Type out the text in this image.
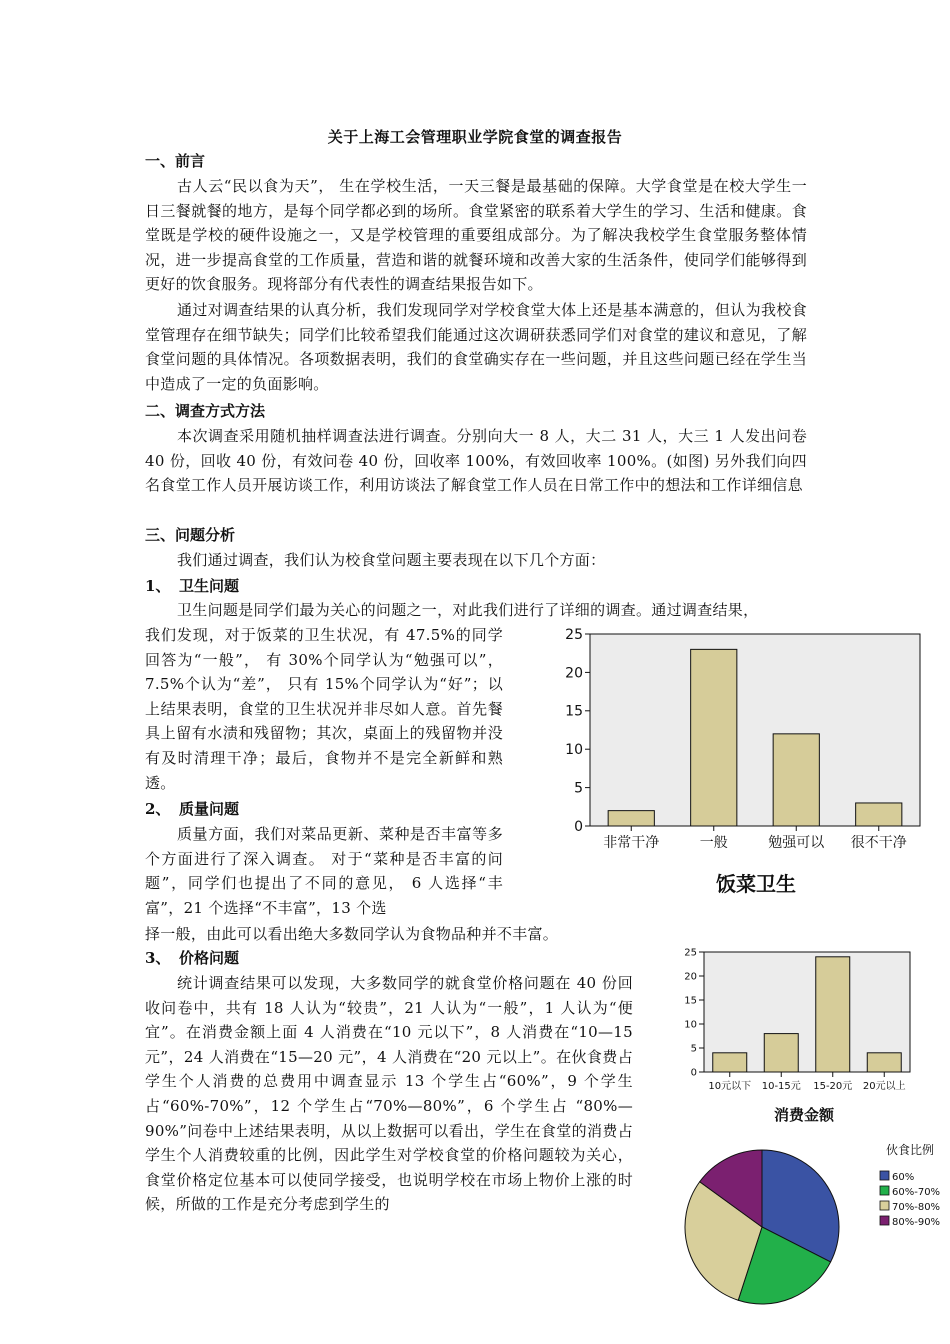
关于上海工会管理职业学院食堂的调查报告
一、前言

古人云“民以食为天”， 生在学校生活，一天三餐是最基础的保障。大学食堂是在校大学生一日三餐就餐的地方，是每个同学都必到的场所。食堂紧密的联系着大学生的学习、生活和健康。食堂既是学校的硬件设施之一，又是学校管理的重要组成部分。为了解决我校学生食堂服务整体情况，进一步提高食堂的工作质量，营造和谐的就餐环境和改善大家的生活条件，使同学们能够得到更好的饮食服务。现将部分有代表性的调查结果报告如下。

通过对调查结果的认真分析，我们发现同学对学校食堂大体上还是基本满意的，但认为我校食堂管理存在细节缺失；同学们比较希望我们能通过这次调研获悉同学们对食堂的建议和意见，了解食堂问题的具体情况。各项数据表明，我们的食堂确实存在一些问题，并且这些问题已经在学生当中造成了一定的负面影响。

二、调查方式方法

本次调查采用随机抽样调查法进行调查。分别向大一 8 人，大二 31 人，大三 1 人发出问卷 40 份，回收 40 份，有效问卷 40 份，回收率 100%，有效回收率 100%。(如图) 另外我们向四名食堂工作人员开展访谈工作，利用访谈法了解食堂工作人员在日常工作中的想法和工作详细信息

三、问题分析

我们通过调查，我们认为校食堂问题主要表现在以下几个方面：

1、 卫生问题

卫生问题是同学们最为关心的问题之一，对此我们进行了详细的调查。通过调查结果，

我们发现，对于饭菜的卫生状况，有 47.5%的同学回答为“一般”， 有 30%个同学认为“勉强可以”，7.5%个认为“差”， 只有 15%个同学认为“好”；以上结果表明，食堂的卫生状况并非尽如人意。首先餐具上留有水渍和残留物；其次，桌面上的残留物并没有及时清理干净；最后，食物并不是完全新鲜和熟透。

2、 质量问题

质量方面，我们对菜品更新、菜种是否丰富等多个方面进行了深入调查。 对于“菜种是否丰富的问题”，同学们也提出了不同的意见， 6 人选择“丰富”，21 个选择“不丰富”，13 个选

择一般，由此可以看出绝大多数同学认为食物品种并不丰富。

3、 价格问题

统计调查结果可以发现，大多数同学的就食堂价格问题在 40 份回收问卷中，共有 18 人认为“较贵”，21 人认为“一般”，1 人认为“便宜”。在消费金额上面 4 人消费在“10 元以下”，8 人消费在“10—15 元”，24 人消费在“15—20 元”，4 人消费在“20 元以上”。在伙食费占学生个人消费的总费用中调查显示 13 个学生占“60%”，9 个学生占“60%-70%”，12 个学生占“70%—80%”，6 个学生占 “80%—90%”问卷中上述结果表明，从以上数据可以看出，学生在食堂的消费占学生个人消费较重的比例，因此学生对学校食堂的价格问题较为关心，食堂价格定位基本可以使同学接受，也说明学校在市场上物价上涨的时候，所做的工作是充分考虑到学生的

0
5
10
15
20
25
非常干净	一般	勉强可以 很不干净
饭菜卫生
0
5
10
15
20
25
10元以下 10-15元 15-20元 20元以上
消费金额
伙食比例
60%
60%-70%
70%-80%
80%-90%
